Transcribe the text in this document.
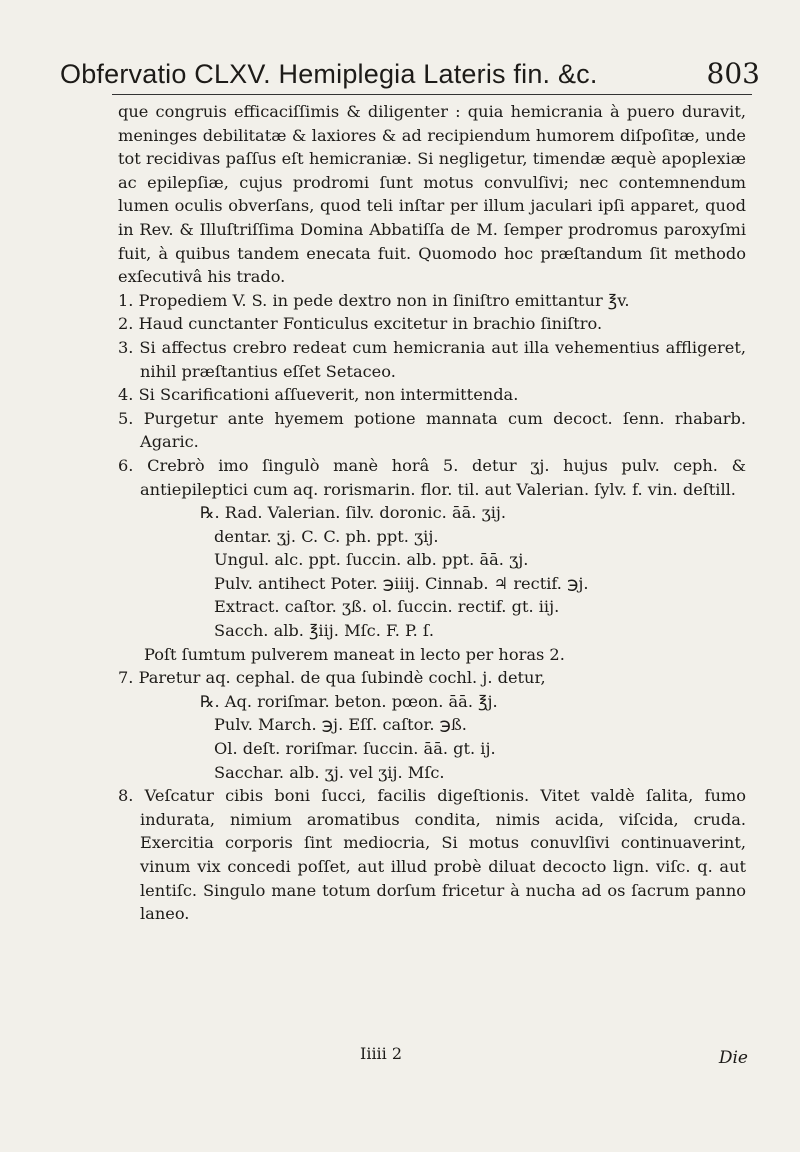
Obfervatio CLXV. Hemiplegia Lateris fin. &c.	803

que congruis efficaciſſimis & diligenter : quia hemicrania à puero duravit, meninges debilitatæ & laxiores & ad recipiendum humorem diſpoſitæ, unde tot recidivas paſſus eſt hemicraniæ. Si negligetur, timendæ æquè apoplexiæ ac epilepſiæ, cujus prodromi ſunt motus convulſivi; nec contemnendum lumen oculis obverſans, quod teli inſtar per illum jaculari ipſi apparet, quod in Rev. & Illuſtriſſima Domina Abbatiſſa de M. ſemper prodromus paroxyſmi fuit, à quibus tandem enecata fuit. Quomodo hoc præſtandum ſit methodo exſecutivâ his trado.

1. Propediem V. S. in pede dextro non in ſiniſtro emittantur ℥v.

2. Haud cunctanter Fonticulus excitetur in brachio ſiniſtro.

3. Si affectus crebro redeat cum hemicrania aut illa vehementius affligeret, nihil præſtantius eſſet Setaceo.

4. Si Scarificationi aſſueverit, non intermittenda.

5. Purgetur ante hyemem potione mannata cum decoct. ſenn. rhabarb. Agaric.

6. Crebrò imo ſingulò manè horâ 5. detur ʒj. hujus pulv. ceph. & antiepileptici cum aq. rorismarin. flor. til. aut Valerian. ſylv. f. vin. deſtill.

℞. Rad. Valerian. ſilv. doronic. āā. ʒij.

dentar. ʒj. C. C. ph. ppt. ʒij.

Ungul. alc. ppt. ſuccin. alb. ppt. āā. ʒj.

Pulv. antihect Poter. ℈iiij. Cinnab. ♃ rectif. ℈j.

Extract. caſtor. ʒß. ol. ſuccin. rectif. gt. iij.

Sacch. alb. ℥iij. Mſc. F. P. ſ.

Poſt ſumtum pulverem maneat in lecto per horas 2.

7. Paretur aq. cephal. de qua ſubindè cochl. j. detur,

℞. Aq. roriſmar. beton. pœon. āā. ℥j.

Pulv. March. ℈j. Eſſ. caſtor. ℈ß.

Ol. deſt. roriſmar. ſuccin. āā. gt. ij.

Sacchar. alb. ʒj. vel ʒij. Mſc.

8. Veſcatur cibis boni ſucci, facilis digeſtionis. Vitet valdè ſalita, fumo indurata, nimium aromatibus condita, nimis acida, viſcida, cruda. Exercitia corporis ſint mediocria, Si motus conuvlſivi continuaverint, vinum vix concedi poſſet, aut illud probè diluat decocto lign. viſc. q. aut lentiſc. Singulo mane totum dorſum fricetur à nucha ad os ſacrum panno laneo.

Iiiii 2	Die
